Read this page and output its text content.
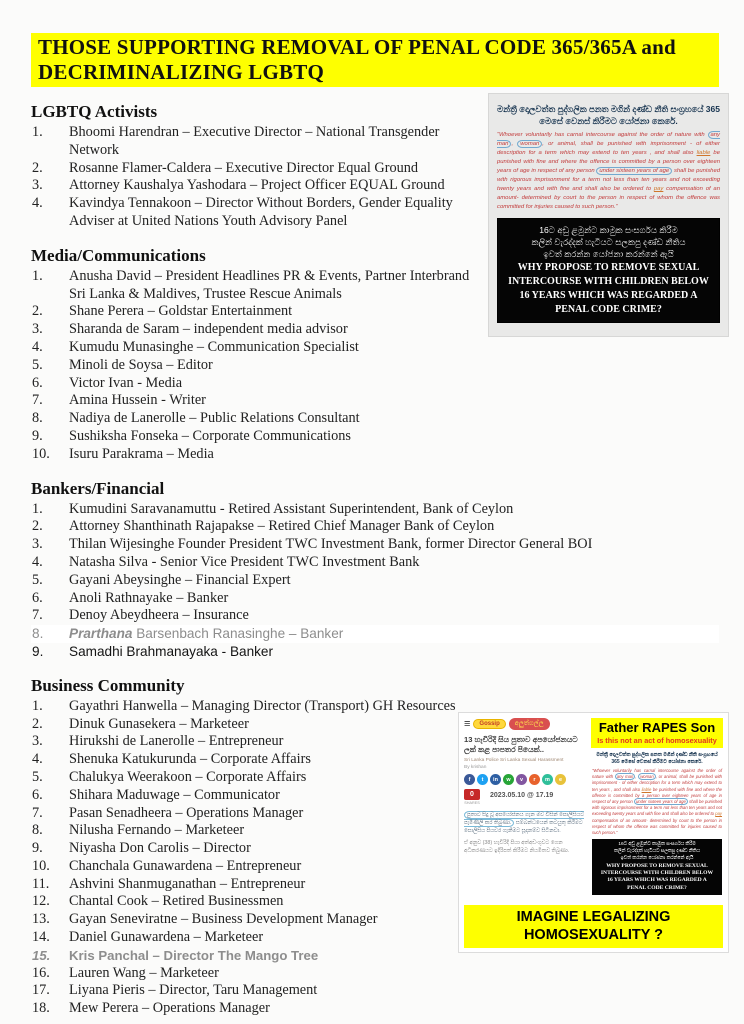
THOSE SUPPORTING REMOVAL OF PENAL CODE 365/365A and DECRIMINALIZING LGBTQ
LGBTQ Activists
Bhoomi Harendran – Executive Director – National Transgender Network
Rosanne Flamer-Caldera – Executive Director Equal Ground
Attorney Kaushalya Yashodara – Project Officer EQUAL Ground
Kavindya Tennakoon – Director Without Borders, Gender Equality Adviser at United Nations Youth Advisory Panel
Media/Communications
Anusha David – President Headlines PR & Events, Partner Interbrand Sri Lanka & Maldives, Trustee Rescue Animals
Shane Perera – Goldstar Entertainment
Sharanda de Saram – independent media advisor
Kumudu Munasinghe – Communication Specialist
Minoli de Soysa – Editor
Victor Ivan - Media
Amina Hussein - Writer
Nadiya de Lanerolle – Public Relations Consultant
Sushiksha Fonseka – Corporate Communications
Isuru Parakrama – Media
Bankers/Financial
Kumudini Saravanamuttu - Retired Assistant Superintendent, Bank of Ceylon
Attorney Shanthinath Rajapakse – Retired Chief Manager Bank of Ceylon
Thilan Wijesinghe Founder President TWC Investment Bank, former Director General BOI
Natasha Silva - Senior Vice President TWC Investment Bank
Gayani Abeysinghe – Financial Expert
Anoli Rathnayake – Banker
Denoy Abeydheera – Insurance
Prarthana Barsenbach Ranasinghe – Banker
Samadhi Brahmanayaka - Banker
Business Community
Gayathri Hanwella – Managing Director (Transport) GH Resources
Dinuk Gunasekera – Marketeer
Hirukshi de Lanerolle – Entrepreneur
Shenuka Katukurunda – Corporate Affairs
Chalukya Weerakoon – Corporate Affairs
Shihara Maduwage – Communicator
Pasan Senadheera – Operations Manager
Nilusha Fernando – Marketeer
Niyasha Don Carolis – Director
Chanchala Gunawardena – Entrepreneur
Ashvini Shanmuganathan – Entrepreneur
Chantal Cook – Retired Businessmen
Gayan Seneviratne – Business Development Manager
Daniel Gunawardena – Marketeer
Kris Panchal – Director The Mango Tree
Lauren Wang – Marketeer
Liyana Pieris – Director, Taru Management
Mew Perera – Operations Manager
මන්ත්‍රී දොලවත්ත පුද්ගලික පනත මගින් දණ්ඩ නීති සංග්‍රහයේ 365 මෙසේ වෙනස් කිරීමට යෝජනා කෙරේ.
“Whoever voluntarily has carnal intercourse against the order of nature with any man , woman , or animal, shall be punished with imprisonment - of either description for a term which may extend to ten years , and shall also liable be punished with fine and where the offence is committed by a person over eighteen years of age in respect of any person under sixteen years of age shall be punished with rigorous imprisonment for a term not less than ten years and not exceeding twenty years and with fine and shall also be ordered to pay compensation of an amount- determined by court to the person in respect of whom the offence was committed for injuries caused to such person.”
16ට අඩු ළමුන්ට කාමුක සංසර්ගය කිරීම
කලින් වැරද්දක් හැටියට සලකපු දණ්ඩ නීතිය
ඉවත් කරන්න යෝජනා කරන්නේ ඇයි
WHY PROPOSE TO REMOVE SEXUAL
INTERCOURSE WITH CHILDREN BELOW
16 YEARS WHICH WAS REGARDED A
PENAL CODE CRIME?
≡	Gossip	අලුත්ගල්ල
13 හැවිරිදි සිය පුතාව අපයෝජනයට ලක් කළ පාපතර පියෙක්..
Sri Lanka Police Sri Lanka Sexual Harassment
By krishan
f	t	in	w	v	r	m	e
0
SHARES
2023.05.10 @ 17.19
පුතාට සිදු වූ අපයෝජනය ගැන මව විසින් පොලිසියට පැමිණිලි කර තිබුණා. සම්බන්ධයෙන් කටයුතු කිරීමට පොලිසිය පියවර ගැනීමට සූදානම්ව සිටිනවා.
ඒ අනුව (38) හැවිරිදි පියා අත්අඩංගුවට ගෙන අධිකරණයට ඉදිරිපත් කිරීමට නියමිතව තිබුණා.
Father RAPES Son
Is this not an act of homosexuality
මන්ත්‍රී දොලවත්ත පුද්ගලික පනත මගින් දණ්ඩ නීති සංග්‍රහයේ 365 මෙසේ වෙනස් කිරීමට යෝජනා කෙරේ.
“Whoever voluntarily has carnal intercourse against the order of nature with any man , woman , or animal, shall be punished with imprisonment - of either description for a term which may extend to ten years , and shall also liable be punished with fine and where the offence is committed by a person over eighteen years of age in respect of any person under sixteen years of age shall be punished with rigorous imprisonment for a term not less than ten years and not exceeding twenty years and with fine and shall also be ordered to pay compensation of an amount- determined by court to the person in respect of whom the offence was committed for injuries caused to such person.”
16ට අඩු ළමුන්ට කාමුක සංසර්ගය කිරීම
කලින් වැරද්දක් හැටියට සලකපු දණ්ඩ නීතිය
ඉවත් කරන්න යෝජනා කරන්නේ ඇයි
WHY PROPOSE TO REMOVE SEXUAL
INTERCOURSE WITH CHILDREN BELOW
16 YEARS WHICH WAS REGARDED A
PENAL CODE CRIME?
IMAGINE LEGALIZING
HOMOSEXUALITY ?
